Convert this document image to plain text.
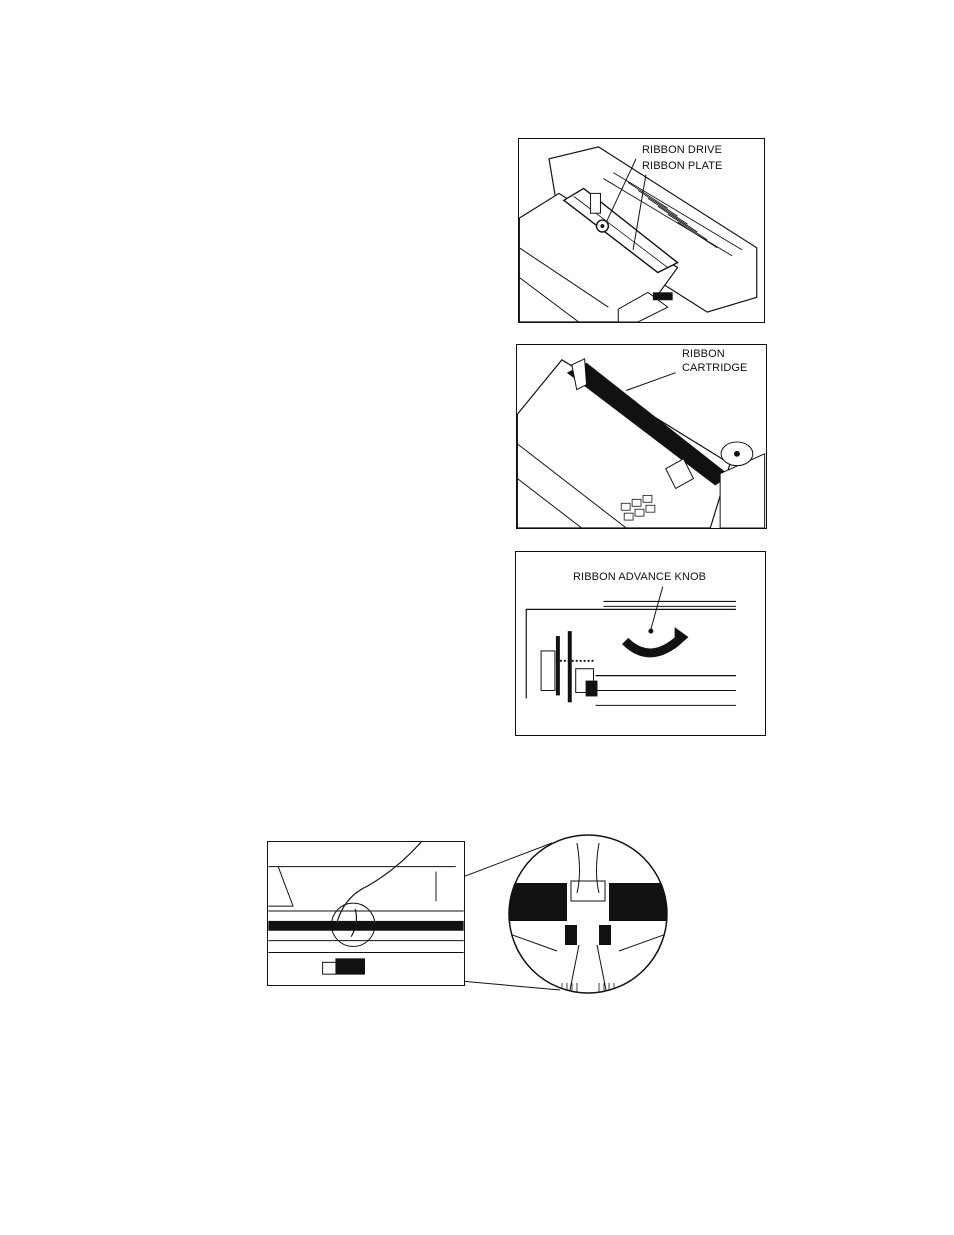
RIBBON DRIVE
RIBBON PLATE
RIBBON
CARTRIDGE
RIBBON ADVANCE KNOB
